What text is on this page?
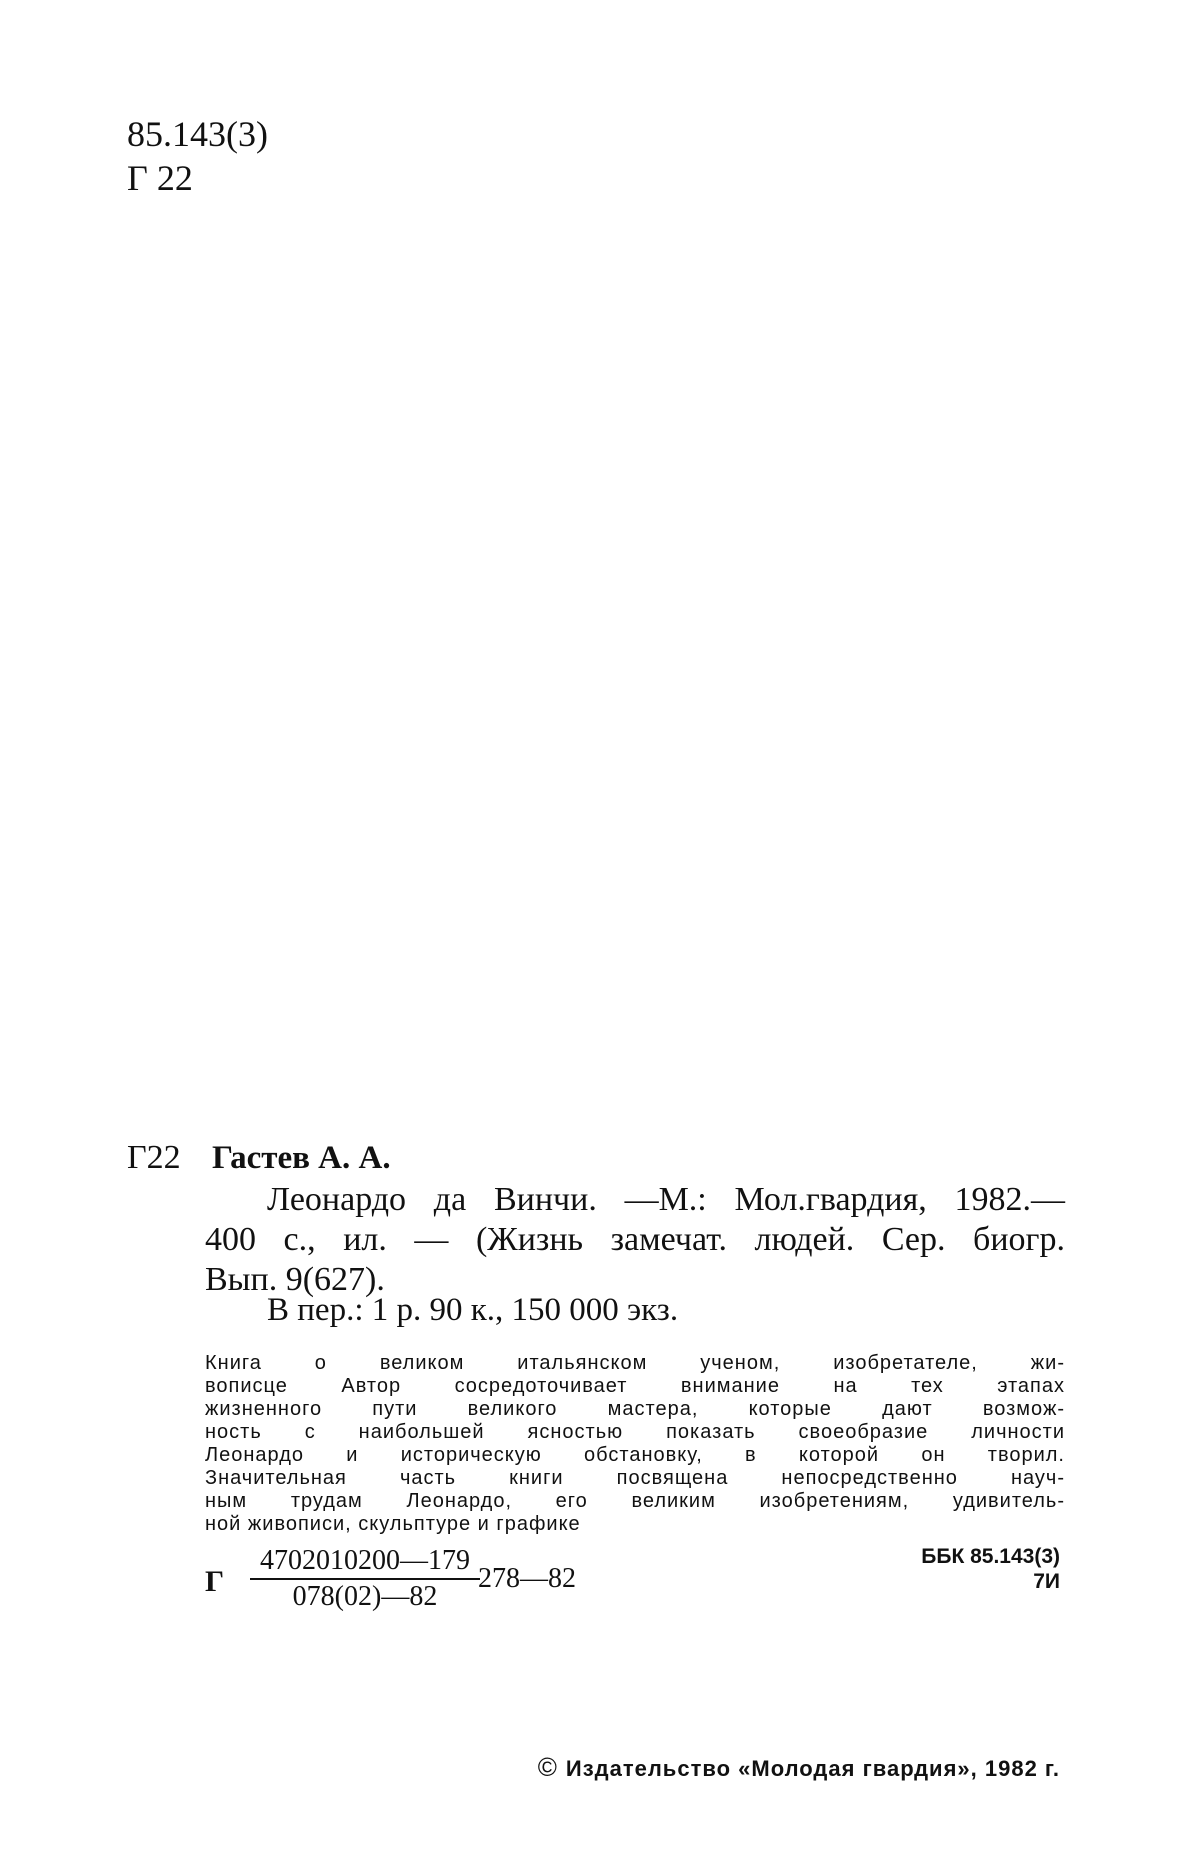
85.143(3)
Г 22
Г22 Гастев А. А.

Леонардо да Винчи. —М.: Мол.гвардия, 1982.—

400 с., ил. — (Жизнь замечат. людей. Сер. биогр.

Вып. 9(627).

В пер.: 1 р. 90 к., 150 000 экз.

Книга о великом итальянском ученом, изобретателе, жи-

вописце Автор сосредоточивает внимание на тех этапах

жизненного пути великого мастера, которые дают возмож-

ность с наибольшей ясностью показать своеобразие личности

Леонардо и историческую обстановку, в которой он творил.

Значительная часть книги посвящена непосредственно науч-

ным трудам Леонардо, его великим изобретениям, удивитель-

ной живописи, скульптуре и графике

Г $\frac{4702010200—179}{078(02)—82}$
278—82
ББК 85.143(3)
7И
© Издательство «Молодая гвардия», 1982 г.
